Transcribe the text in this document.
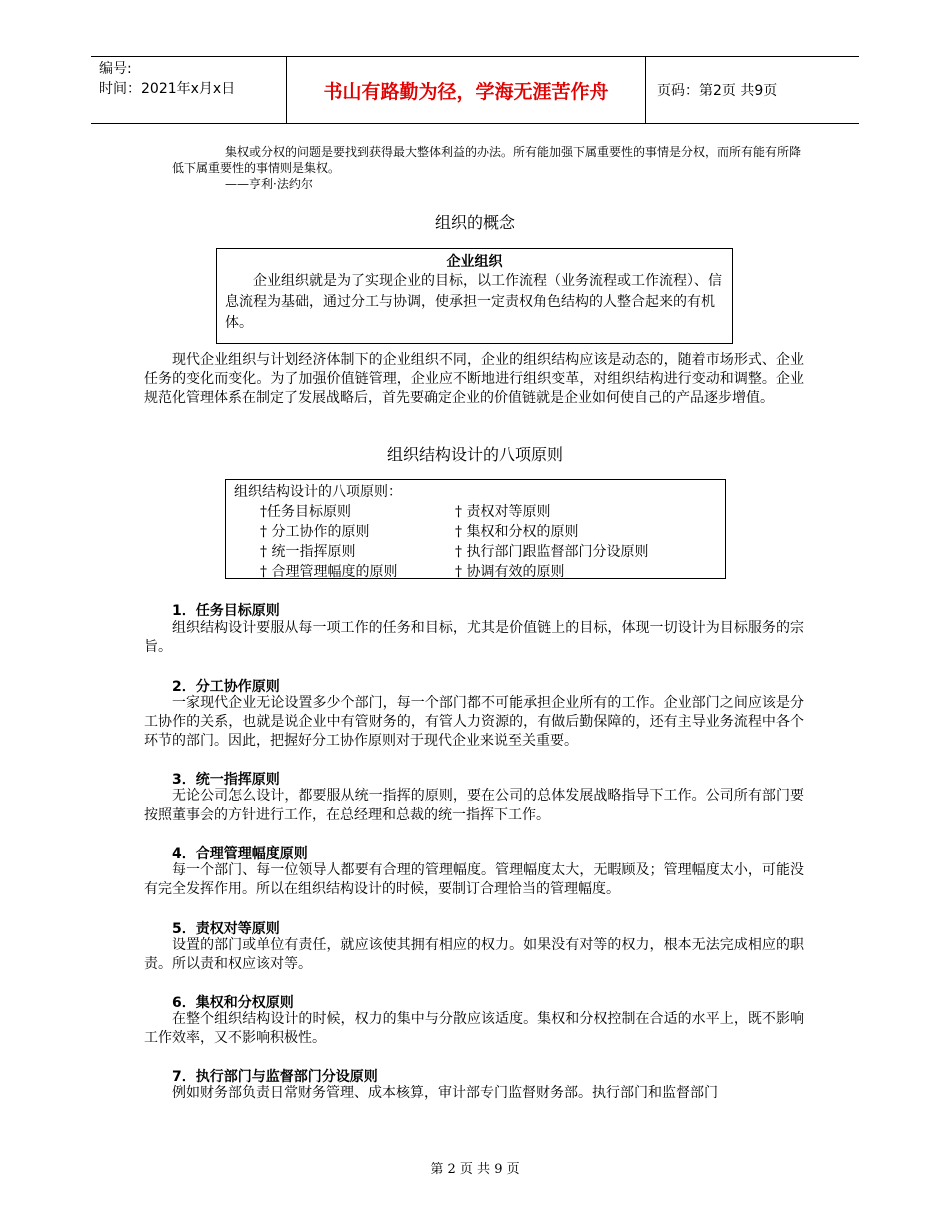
编号:
时间：2021年x月x日	书山有路勤为径，学海无涯苦作舟	页码：第2页 共9页
集权或分权的问题是要找到获得最大整体利益的办法。所有能加强下属重要性的事情是分权，而所有能有所降低下属重要性的事情则是集权。
——亨利·法约尔
组织的概念
企业组织
企业组织就是为了实现企业的目标，以工作流程（业务流程或工作流程）、信息流程为基础，通过分工与协调，使承担一定责权角色结构的人整合起来的有机体。
现代企业组织与计划经济体制下的企业组织不同，企业的组织结构应该是动态的，随着市场形式、企业任务的变化而变化。为了加强价值链管理，企业应不断地进行组织变革，对组织结构进行变动和调整。企业规范化管理体系在制定了发展战略后，首先要确定企业的价值链就是企业如何使自己的产品逐步增值。
组织结构设计的八项原则
组织结构设计的八项原则：
†任务目标原则	† 责权对等原则
† 分工协作的原则	† 集权和分权的原则
† 统一指挥原则	† 执行部门跟监督部门分设原则
† 合理管理幅度的原则	† 协调有效的原则
1．任务目标原则
组织结构设计要服从每一项工作的任务和目标，尤其是价值链上的目标，体现一切设计为目标服务的宗旨。
2．分工协作原则
一家现代企业无论设置多少个部门，每一个部门都不可能承担企业所有的工作。企业部门之间应该是分工协作的关系，也就是说企业中有管财务的，有管人力资源的，有做后勤保障的，还有主导业务流程中各个环节的部门。因此，把握好分工协作原则对于现代企业来说至关重要。
3．统一指挥原则
无论公司怎么设计，都要服从统一指挥的原则，要在公司的总体发展战略指导下工作。公司所有部门要按照董事会的方针进行工作，在总经理和总裁的统一指挥下工作。
4．合理管理幅度原则
每一个部门、每一位领导人都要有合理的管理幅度。管理幅度太大，无暇顾及；管理幅度太小，可能没有完全发挥作用。所以在组织结构设计的时候，要制订合理恰当的管理幅度。
5．责权对等原则
设置的部门或单位有责任，就应该使其拥有相应的权力。如果没有对等的权力，根本无法完成相应的职责。所以责和权应该对等。
6．集权和分权原则
在整个组织结构设计的时候，权力的集中与分散应该适度。集权和分权控制在合适的水平上，既不影响工作效率，又不影响积极性。
7．执行部门与监督部门分设原则
例如财务部负责日常财务管理、成本核算，审计部专门监督财务部。执行部门和监督部门
第 2 页 共 9 页
